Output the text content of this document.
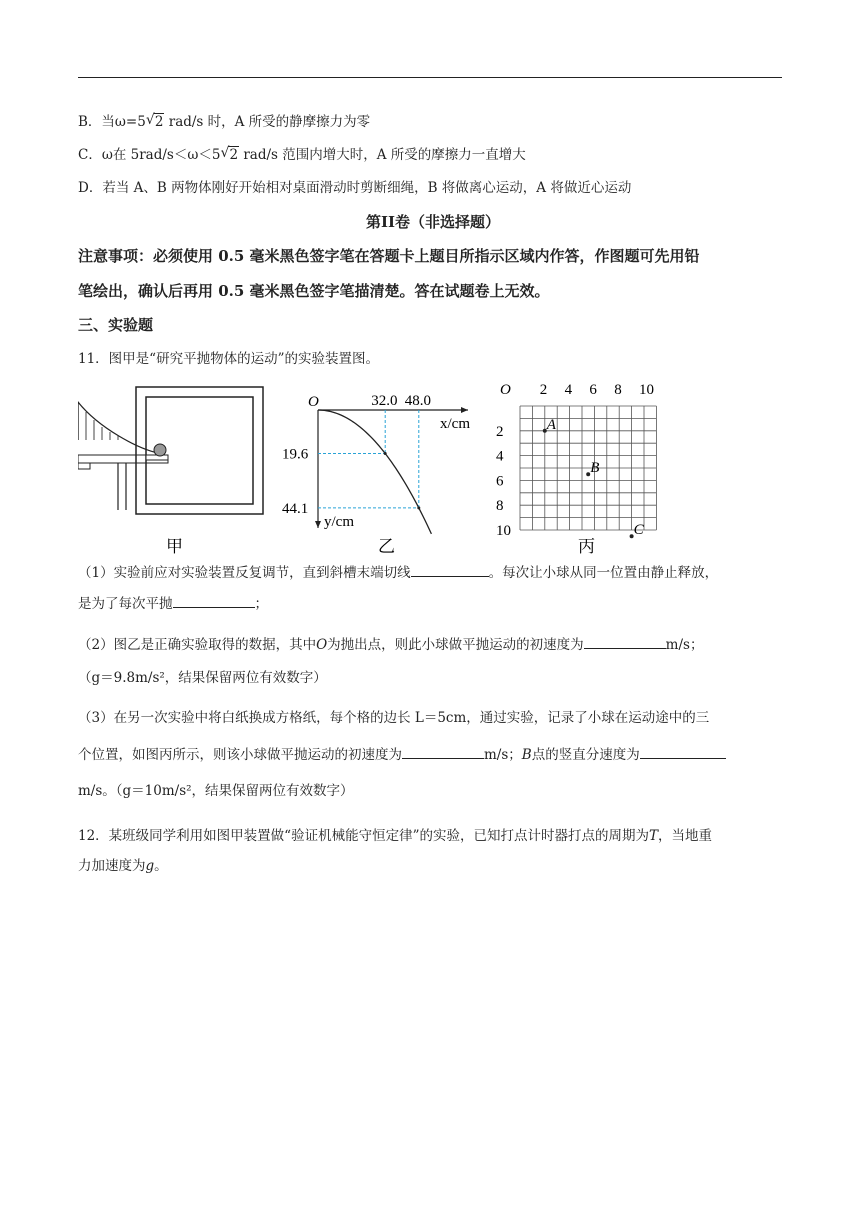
B．当ω=5 √ 2 rad/s 时，A 所受的静摩擦力为零
C．ω在 5rad/s＜ω＜5 √ 2 rad/s 范围内增大时，A 所受的摩擦力一直增大
D．若当 A、B 两物体刚好开始相对桌面滑动时剪断细绳，B 将做离心运动，A 将做近心运动
第II卷（非选择题）
注意事项：必须使用 0.5 毫米黑色签字笔在答题卡上题目所指示区域内作答，作图题可先用铅
笔绘出，确认后再用 0.5 毫米黑色签字笔描清楚。答在试题卷上无效。
三、实验题
11．图甲是“研究平抛物体的运动”的实验装置图。
甲	乙
O
x/cm
y/cm
32.0
19.6
48.0
44.1
丙
O 2 4 6 8 10
2
4
6
8
10
A
B
C
（1）实验前应对实验装置反复调节，直到斜槽末端切线	。每次让小球从同一位置由静止释放，
是为了每次平抛	；
（2）图乙是正确实验取得的数据，其中O为抛出点，则此小球做平抛运动的初速度为	m/s；
（g＝9.8m/s²，结果保留两位有效数字）
（3）在另一次实验中将白纸换成方格纸，每个格的边长 L＝5cm，通过实验，记录了小球在运动途中的三
个位置，如图丙所示，则该小球做平抛运动的初速度为	m/s；B点的竖直分速度为
m/s。（g＝10m/s²，结果保留两位有效数字）
12．某班级同学利用如图甲装置做“验证机械能守恒定律”的实验，已知打点计时器打点的周期为T，当地重
力加速度为g。
